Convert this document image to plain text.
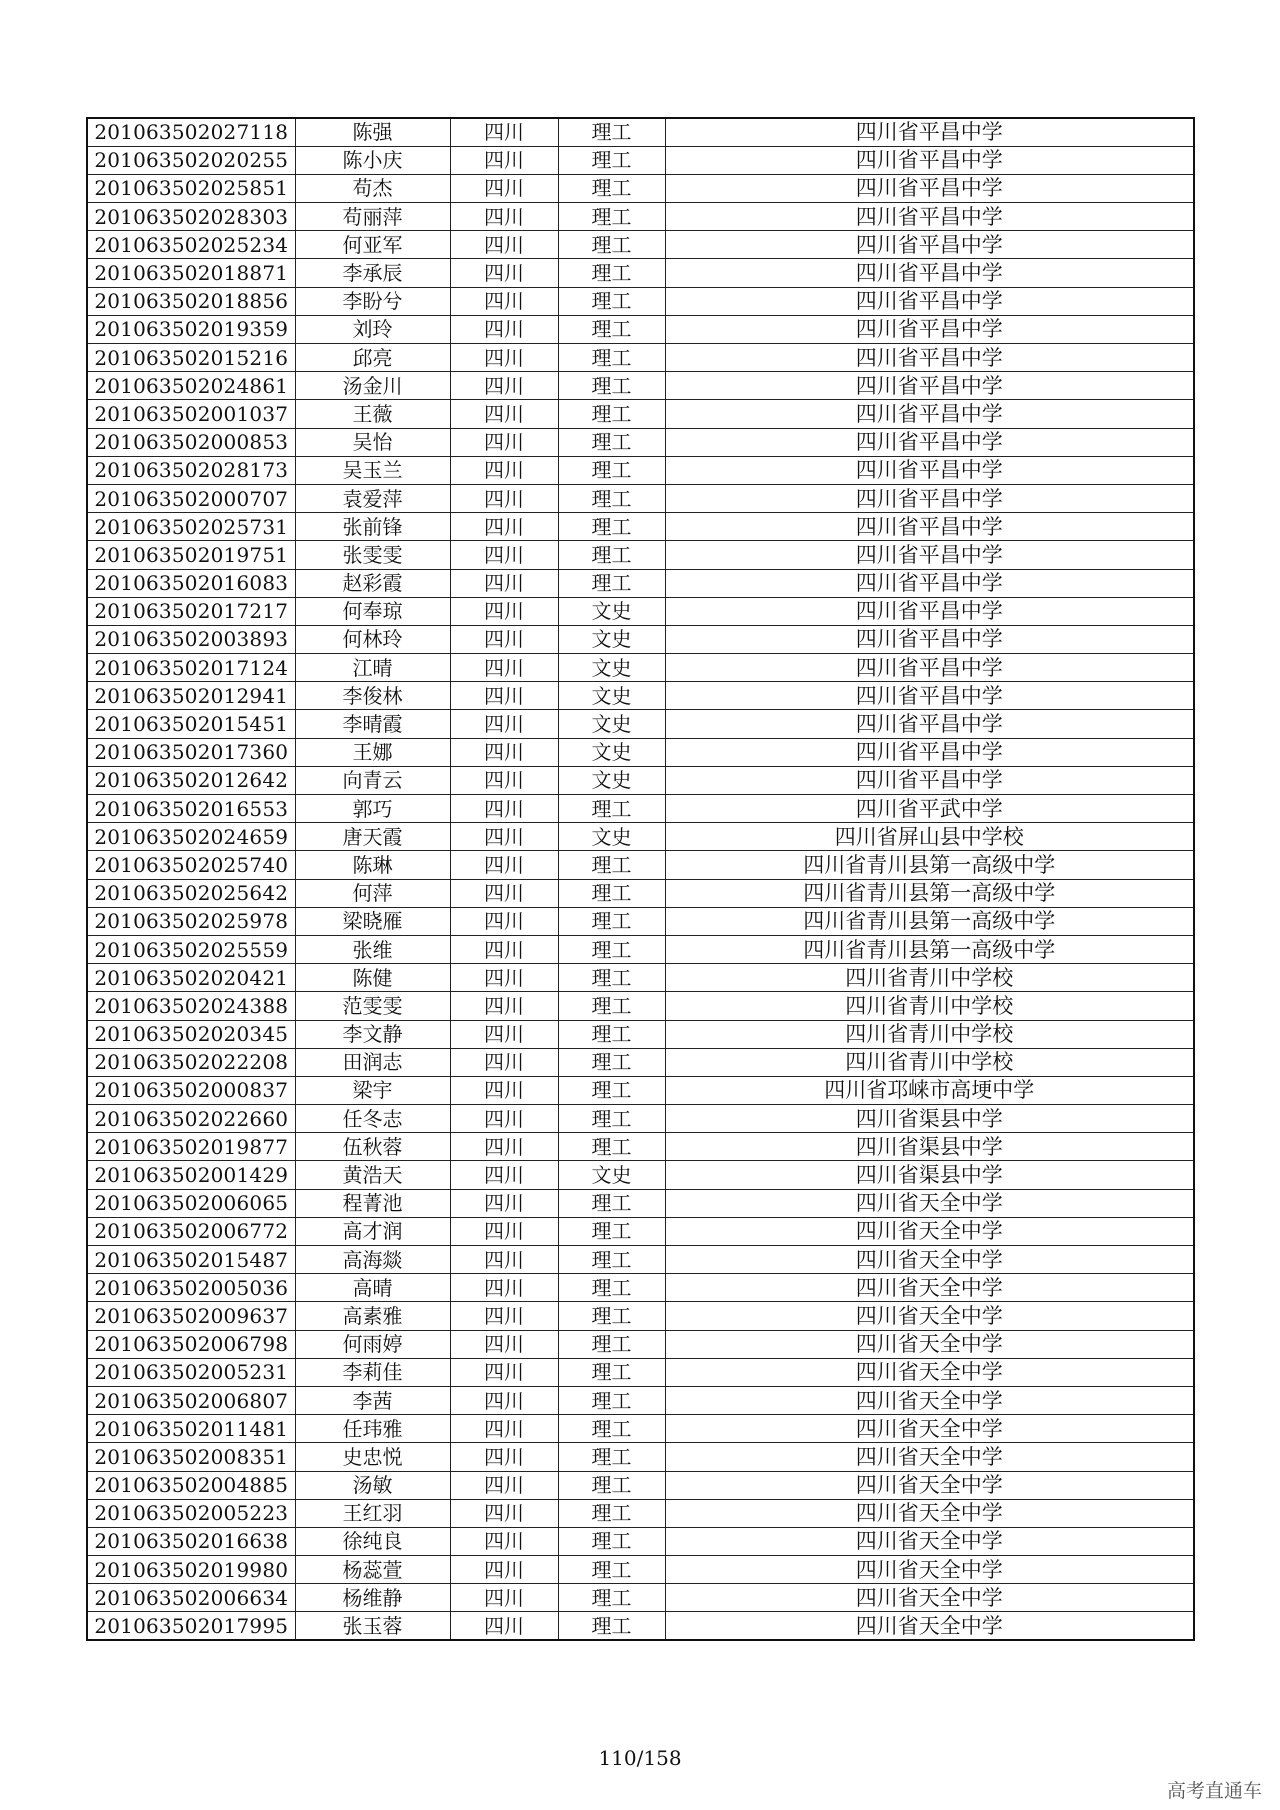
201063502027118	陈强	四川	理工	四川省平昌中学
201063502020255	陈小庆	四川	理工	四川省平昌中学
201063502025851	苟杰	四川	理工	四川省平昌中学
201063502028303	苟丽萍	四川	理工	四川省平昌中学
201063502025234	何亚军	四川	理工	四川省平昌中学
201063502018871	李承辰	四川	理工	四川省平昌中学
201063502018856	李盼兮	四川	理工	四川省平昌中学
201063502019359	刘玲	四川	理工	四川省平昌中学
201063502015216	邱亮	四川	理工	四川省平昌中学
201063502024861	汤金川	四川	理工	四川省平昌中学
201063502001037	王薇	四川	理工	四川省平昌中学
201063502000853	吴怡	四川	理工	四川省平昌中学
201063502028173	吴玉兰	四川	理工	四川省平昌中学
201063502000707	袁爱萍	四川	理工	四川省平昌中学
201063502025731	张前锋	四川	理工	四川省平昌中学
201063502019751	张雯雯	四川	理工	四川省平昌中学
201063502016083	赵彩霞	四川	理工	四川省平昌中学
201063502017217	何奉琼	四川	文史	四川省平昌中学
201063502003893	何林玲	四川	文史	四川省平昌中学
201063502017124	江晴	四川	文史	四川省平昌中学
201063502012941	李俊林	四川	文史	四川省平昌中学
201063502015451	李晴霞	四川	文史	四川省平昌中学
201063502017360	王娜	四川	文史	四川省平昌中学
201063502012642	向青云	四川	文史	四川省平昌中学
201063502016553	郭巧	四川	理工	四川省平武中学
201063502024659	唐天霞	四川	文史	四川省屏山县中学校
201063502025740	陈琳	四川	理工	四川省青川县第一高级中学
201063502025642	何萍	四川	理工	四川省青川县第一高级中学
201063502025978	梁晓雁	四川	理工	四川省青川县第一高级中学
201063502025559	张维	四川	理工	四川省青川县第一高级中学
201063502020421	陈健	四川	理工	四川省青川中学校
201063502024388	范雯雯	四川	理工	四川省青川中学校
201063502020345	李文静	四川	理工	四川省青川中学校
201063502022208	田润志	四川	理工	四川省青川中学校
201063502000837	梁宇	四川	理工	四川省邛崃市高埂中学
201063502022660	任冬志	四川	理工	四川省渠县中学
201063502019877	伍秋蓉	四川	理工	四川省渠县中学
201063502001429	黄浩天	四川	文史	四川省渠县中学
201063502006065	程菁池	四川	理工	四川省天全中学
201063502006772	高才润	四川	理工	四川省天全中学
201063502015487	高海燚	四川	理工	四川省天全中学
201063502005036	高晴	四川	理工	四川省天全中学
201063502009637	高素雅	四川	理工	四川省天全中学
201063502006798	何雨婷	四川	理工	四川省天全中学
201063502005231	李莉佳	四川	理工	四川省天全中学
201063502006807	李茜	四川	理工	四川省天全中学
201063502011481	任玮雅	四川	理工	四川省天全中学
201063502008351	史忠悦	四川	理工	四川省天全中学
201063502004885	汤敏	四川	理工	四川省天全中学
201063502005223	王红羽	四川	理工	四川省天全中学
201063502016638	徐纯良	四川	理工	四川省天全中学
201063502019980	杨蕊萱	四川	理工	四川省天全中学
201063502006634	杨维静	四川	理工	四川省天全中学
201063502017995	张玉蓉	四川	理工	四川省天全中学
110/158
高考直通车
